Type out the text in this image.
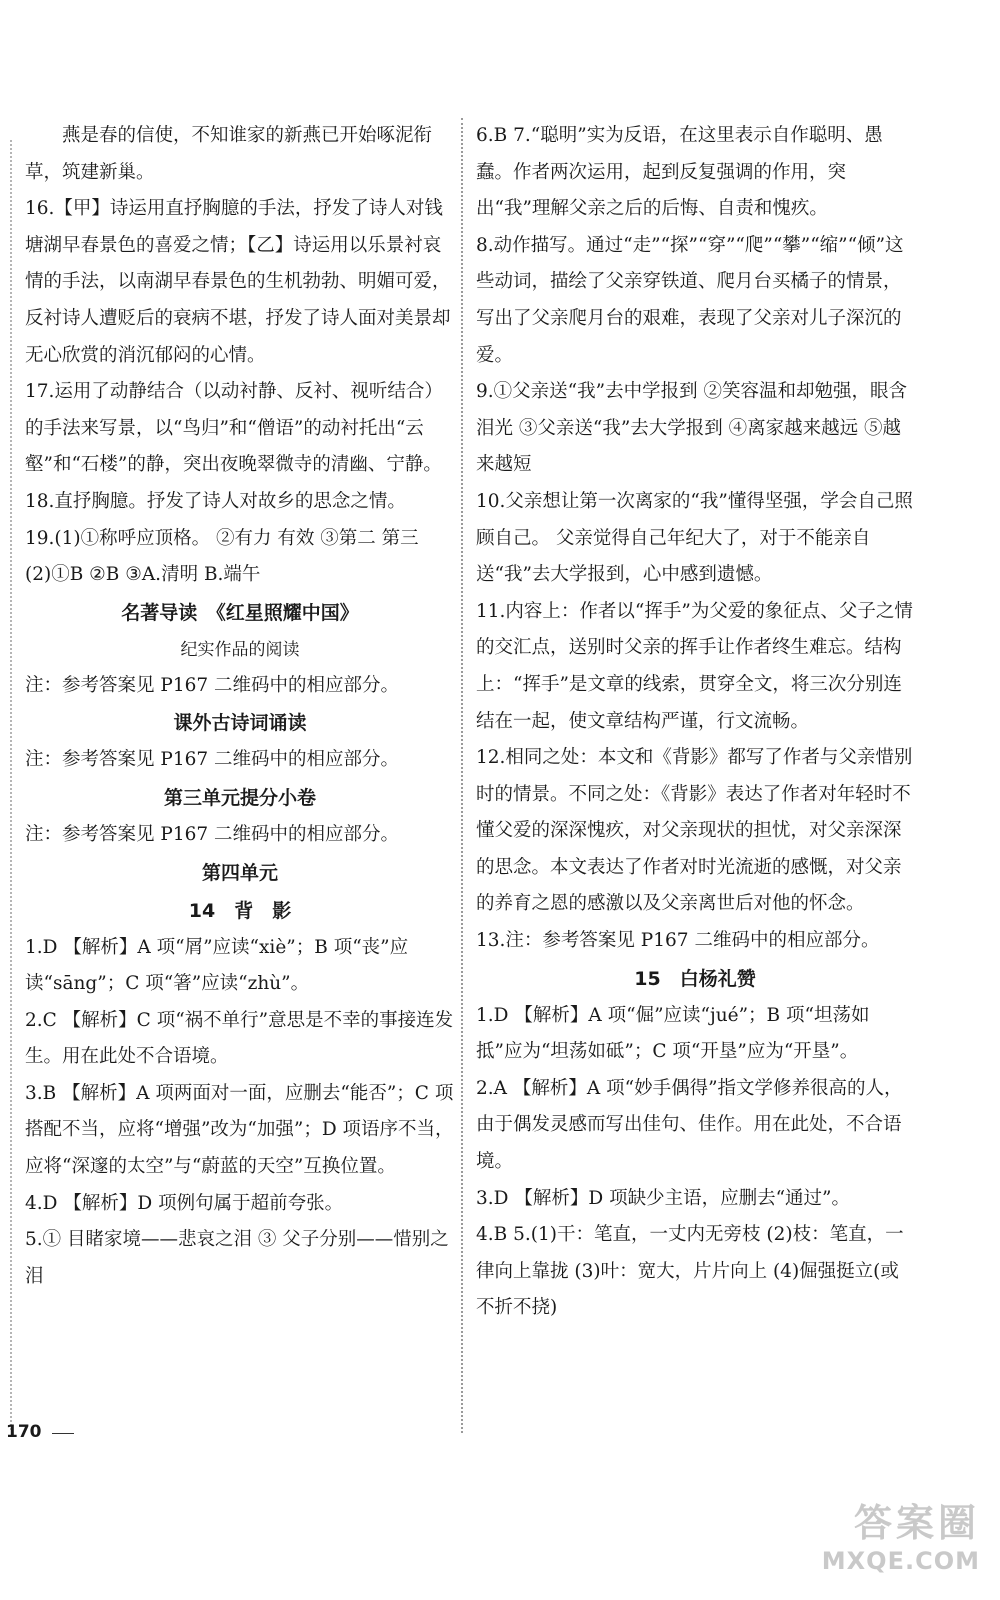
　　燕是春的信使，不知谁家的新燕已开始啄泥衔草，筑建新巢。

16.【甲】诗运用直抒胸臆的手法，抒发了诗人对钱塘湖早春景色的喜爱之情；【乙】诗运用以乐景衬哀情的手法，以南湖早春景色的生机勃勃、明媚可爱，反衬诗人遭贬后的衰病不堪，抒发了诗人面对美景却无心欣赏的消沉郁闷的心情。

17.运用了动静结合（以动衬静、反衬、视听结合）的手法来写景，以“鸟归”和“僧语”的动衬托出“云壑”和“石楼”的静，突出夜晚翠微寺的清幽、宁静。

18.直抒胸臆。抒发了诗人对故乡的思念之情。

19.(1)①称呼应顶格。 ②有力 有效 ③第二 第三 (2)①B ②B ③A.清明 B.端午

名著导读　《红星照耀中国》

纪实作品的阅读

注：参考答案见 P167 二维码中的相应部分。

课外古诗词诵读

注：参考答案见 P167 二维码中的相应部分。

第三单元提分小卷

注：参考答案见 P167 二维码中的相应部分。

第四单元

14　背　影

1.D 【解析】A 项“屑”应读“xiè”；B 项“丧”应读“sāng”；C 项“箸”应读“zhù”。

2.C 【解析】C 项“祸不单行”意思是不幸的事接连发生。用在此处不合语境。

3.B 【解析】A 项两面对一面，应删去“能否”；C 项搭配不当，应将“增强”改为“加强”；D 项语序不当，应将“深邃的太空”与“蔚蓝的天空”互换位置。

4.D 【解析】D 项例句属于超前夸张。

5.① 目睹家境——悲哀之泪 ③ 父子分别——惜别之泪

6.B 7.“聪明”实为反语，在这里表示自作聪明、愚蠢。作者两次运用，起到反复强调的作用，突出“我”理解父亲之后的后悔、自责和愧疚。

8.动作描写。通过“走”“探”“穿”“爬”“攀”“缩”“倾”这些动词，描绘了父亲穿铁道、爬月台买橘子的情景，写出了父亲爬月台的艰难，表现了父亲对儿子深沉的爱。

9.①父亲送“我”去中学报到 ②笑容温和却勉强，眼含泪光 ③父亲送“我”去大学报到 ④离家越来越远 ⑤越来越短

10.父亲想让第一次离家的“我”懂得坚强，学会自己照顾自己。 父亲觉得自己年纪大了，对于不能亲自送“我”去大学报到，心中感到遗憾。

11.内容上：作者以“挥手”为父爱的象征点、父子之情的交汇点，送别时父亲的挥手让作者终生难忘。结构上：“挥手”是文章的线索，贯穿全文，将三次分别连结在一起，使文章结构严谨，行文流畅。

12.相同之处：本文和《背影》都写了作者与父亲惜别时的情景。不同之处：《背影》表达了作者对年轻时不懂父爱的深深愧疚，对父亲现状的担忧，对父亲深深的思念。本文表达了作者对时光流逝的感慨，对父亲的养育之恩的感激以及父亲离世后对他的怀念。

13.注：参考答案见 P167 二维码中的相应部分。

15　白杨礼赞

1.D 【解析】A 项“倔”应读“jué”；B 项“坦荡如抵”应为“坦荡如砥”；C 项“开垦”应为“开垦”。

2.A 【解析】A 项“妙手偶得”指文学修养很高的人，由于偶发灵感而写出佳句、佳作。用在此处，不合语境。

3.D 【解析】D 项缺少主语，应删去“通过”。

4.B 5.(1)干：笔直，一丈内无旁枝 (2)枝：笔直，一律向上靠拢 (3)叶：宽大，片片向上 (4)倔强挺立(或不折不挠)

170
答案圈
MXQE.COM
